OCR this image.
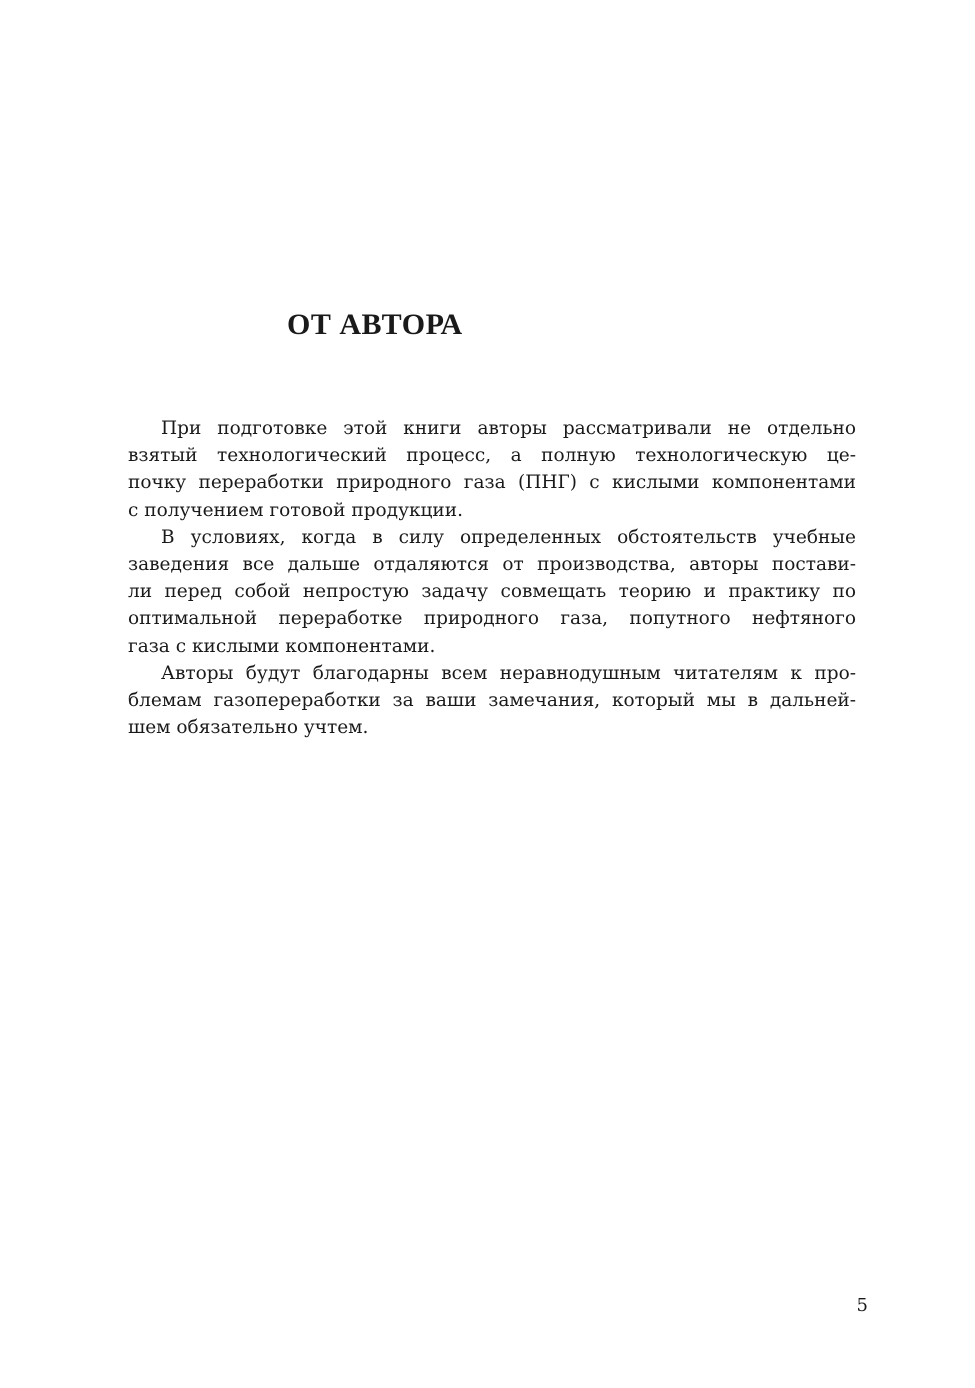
ОТ АВТОРА

При подготовке этой книги авторы рассматривали не отдельно
взятый технологический процесс, а полную технологическую це-
почку переработки природного газа (ПНГ) с кислыми компонентами
с получением готовой продукции.

В условиях, когда в силу определенных обстоятельств учебные
заведения все дальше отдаляются от производства, авторы постави-
ли перед собой непростую задачу совмещать теорию и практику по
оптимальной переработке природного газа, попутного нефтяного
газа с кислыми компонентами.

Авторы будут благодарны всем неравнодушным читателям к про-
блемам газопереработки за ваши замечания, который мы в дальней-
шем обязательно учтем.

5
